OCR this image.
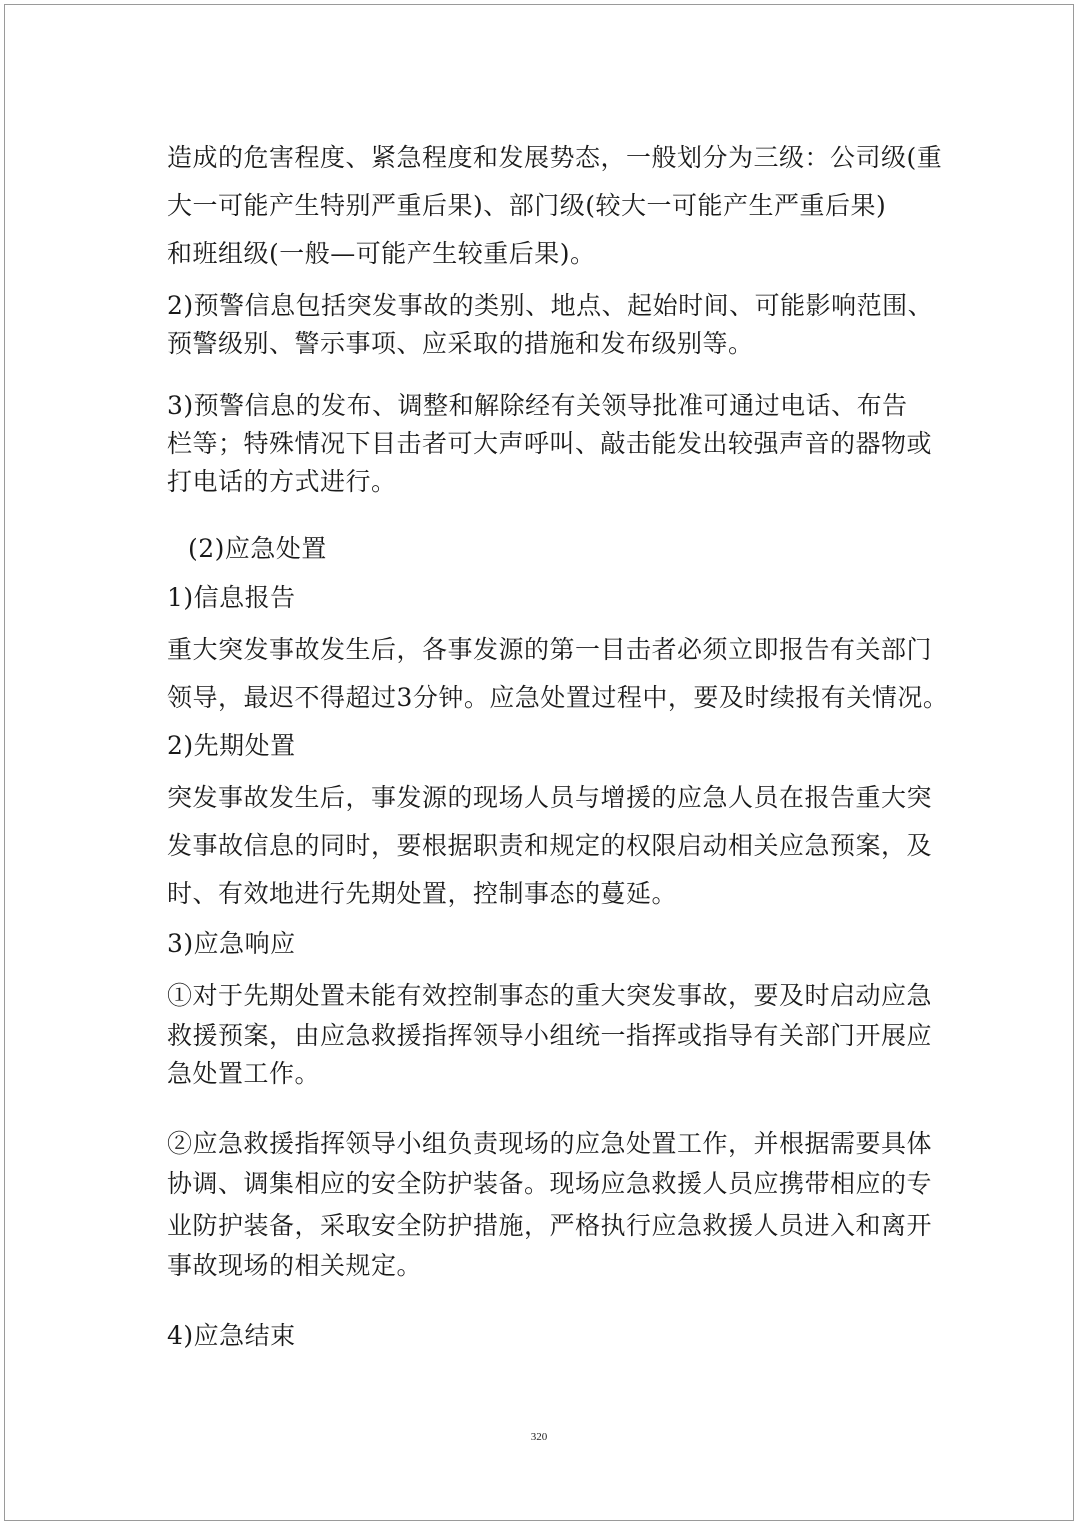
造成的危害程度、紧急程度和发展势态，一般划分为三级：公司级(重
大一可能产生特别严重后果)、部门级(较大一可能产生严重后果)
和班组级(一般—可能产生较重后果)。
2)预警信息包括突发事故的类别、地点、起始时间、可能影响范围、
预警级别、警示事项、应采取的措施和发布级别等。
3)预警信息的发布、调整和解除经有关领导批准可通过电话、布告
栏等；特殊情况下目击者可大声呼叫、敲击能发出较强声音的器物或
打电话的方式进行。
(2)应急处置
1)信息报告
重大突发事故发生后，各事发源的第一目击者必须立即报告有关部门
领导，最迟不得超过3分钟。应急处置过程中，要及时续报有关情况。
2)先期处置
突发事故发生后，事发源的现场人员与增援的应急人员在报告重大突
发事故信息的同时，要根据职责和规定的权限启动相关应急预案，及
时、有效地进行先期处置，控制事态的蔓延。
3)应急响应
①对于先期处置未能有效控制事态的重大突发事故，要及时启动应急
救援预案，由应急救援指挥领导小组统一指挥或指导有关部门开展应
急处置工作。
②应急救援指挥领导小组负责现场的应急处置工作，并根据需要具体
协调、调集相应的安全防护装备。现场应急救援人员应携带相应的专
业防护装备，采取安全防护措施，严格执行应急救援人员进入和离开
事故现场的相关规定。
4)应急结束
320
